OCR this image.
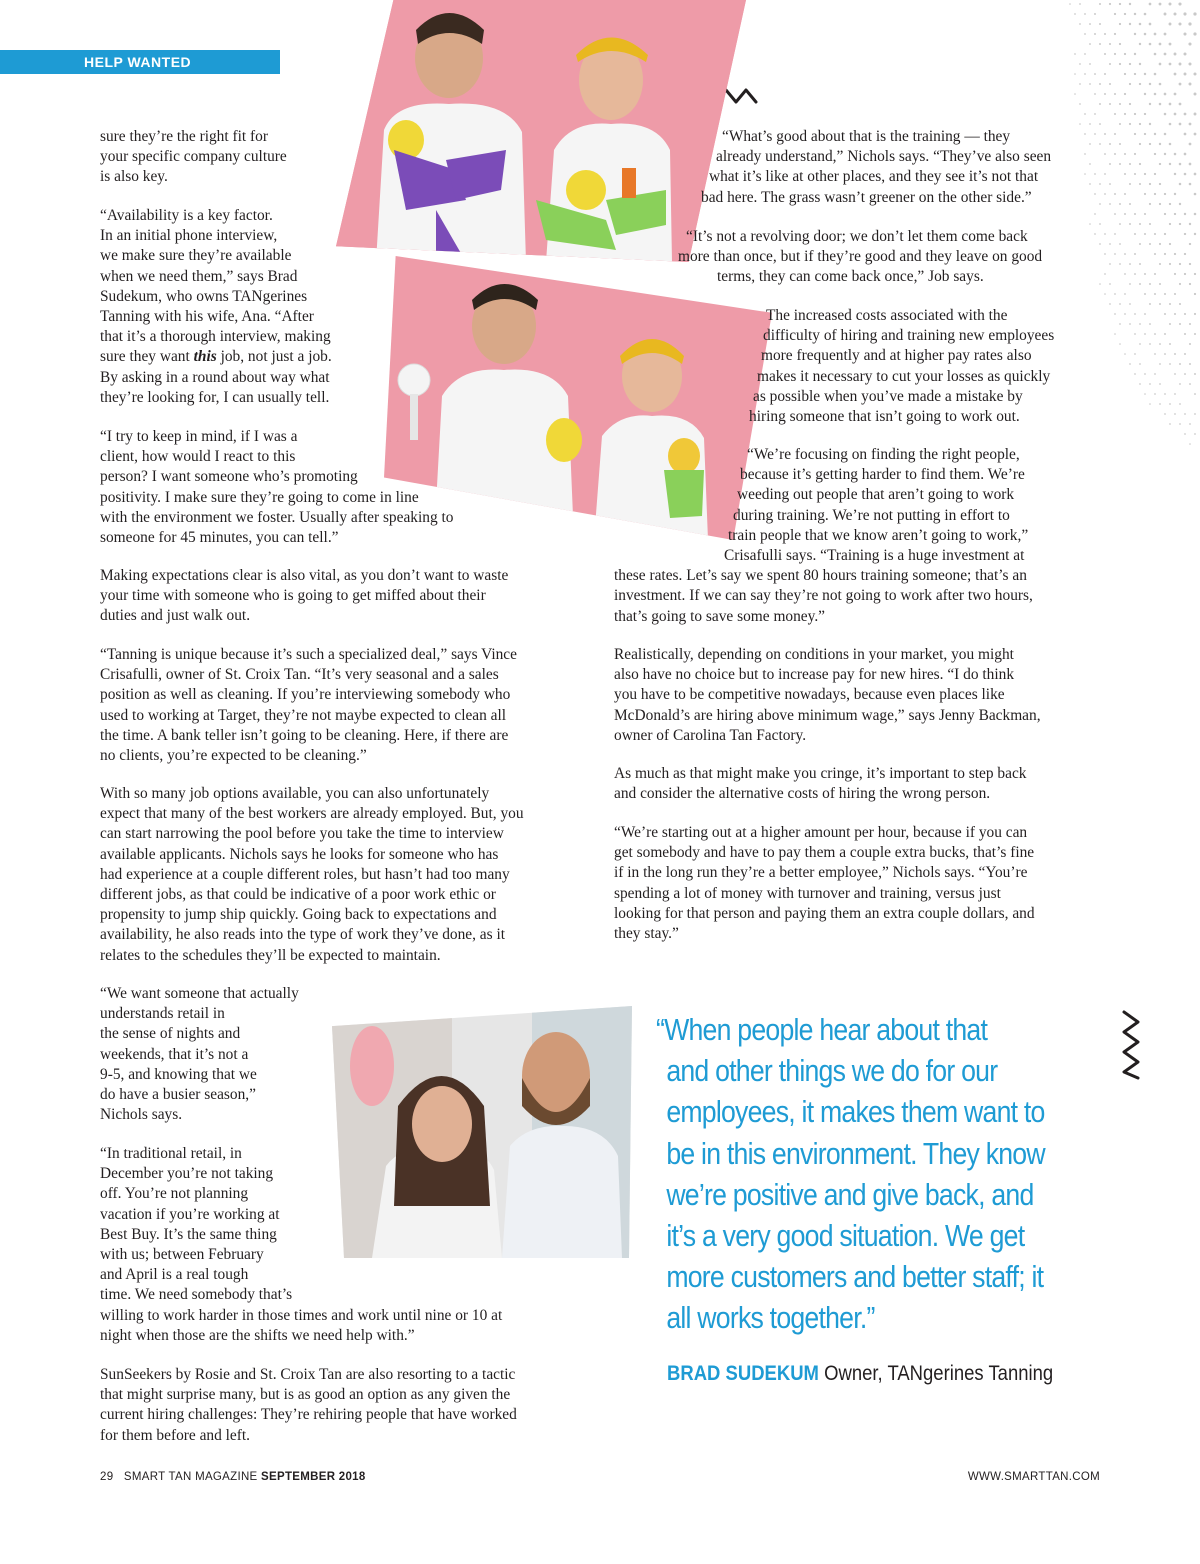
HELP WANTED
sure they’re the right fit for
your specific company culture
is also key.
“Availability is a key factor.
In an initial phone interview,
we make sure they’re available
when we need them,” says Brad
Sudekum, who owns TANgerines
Tanning with his wife, Ana. “After
that it’s a thorough interview, making
sure they want this job, not just a job.
By asking in a round about way what
they’re looking for, I can usually tell.
“I try to keep in mind, if I was a
client, how would I react to this
person? I want someone who’s promoting
positivity. I make sure they’re going to come in line
with the environment we foster. Usually after speaking to
someone for 45 minutes, you can tell.”
Making expectations clear is also vital, as you don’t want to waste
your time with someone who is going to get miffed about their
duties and just walk out.
“Tanning is unique because it’s such a specialized deal,” says Vince
Crisafulli, owner of St. Croix Tan. “It’s very seasonal and a sales
position as well as cleaning. If you’re interviewing somebody who
used to working at Target, they’re not maybe expected to clean all
the time. A bank teller isn’t going to be cleaning. Here, if there are
no clients, you’re expected to be cleaning.”
With so many job options available, you can also unfortunately
expect that many of the best workers are already employed. But, you
can start narrowing the pool before you take the time to interview
available applicants. Nichols says he looks for someone who has
had experience at a couple different roles, but hasn’t had too many
different jobs, as that could be indicative of a poor work ethic or
propensity to jump ship quickly. Going back to expectations and
availability, he also reads into the type of work they’ve done, as it
relates to the schedules they’ll be expected to maintain.
“We want someone that actually
understands retail in
the sense of nights and
weekends, that it’s not a
9-5, and knowing that we
do have a busier season,”
Nichols says.
“In traditional retail, in
December you’re not taking
off. You’re not planning
vacation if you’re working at
Best Buy. It’s the same thing
with us; between February
and April is a real tough
time. We need somebody that’s
willing to work harder in those times and work until nine or 10 at
night when those are the shifts we need help with.”
SunSeekers by Rosie and St. Croix Tan are also resorting to a tactic
that might surprise many, but is as good an option as any given the
current hiring challenges: They’re rehiring people that have worked
for them before and left.
“What’s good about that is the training — they
already understand,” Nichols says. “They’ve also seen
what it’s like at other places, and they see it’s not that
bad here. The grass wasn’t greener on the other side.”
“It’s not a revolving door; we don’t let them come back
more than once, but if they’re good and they leave on good
terms, they can come back once,” Job says.
The increased costs associated with the
difficulty of hiring and training new employees
more frequently and at higher pay rates also
makes it necessary to cut your losses as quickly
as possible when you’ve made a mistake by
hiring someone that isn’t going to work out.
“We’re focusing on finding the right people,
because it’s getting harder to find them. We’re
weeding out people that aren’t going to work
during training. We’re not putting in effort to
train people that we know aren’t going to work,”
Crisafulli says. “Training is a huge investment at
these rates. Let’s say we spent 80 hours training someone; that’s an
investment. If we can say they’re not going to work after two hours,
that’s going to save some money.”
Realistically, depending on conditions in your market, you might
also have no choice but to increase pay for new hires. “I do think
you have to be competitive nowadays, because even places like
McDonald’s are hiring above minimum wage,” says Jenny Backman,
owner of Carolina Tan Factory.
As much as that might make you cringe, it’s important to step back
and consider the alternative costs of hiring the wrong person.
“We’re starting out at a higher amount per hour, because if you can
get somebody and have to pay them a couple extra bucks, that’s fine
if in the long run they’re a better employee,” Nichols says. “You’re
spending a lot of money with turnover and training, versus just
looking for that person and paying them an extra couple dollars, and
they stay.”
“When people hear about that
and other things we do for our
employees, it makes them want to
be in this environment. They know
we’re positive and give back, and
it’s a very good situation. We get
more customers and better staff; it
all works together.”
BRAD SUDEKUM Owner, TANgerines Tanning
29 SMART TAN MAGAZINE SEPTEMBER 2018	WWW.SMARTTAN.COM
